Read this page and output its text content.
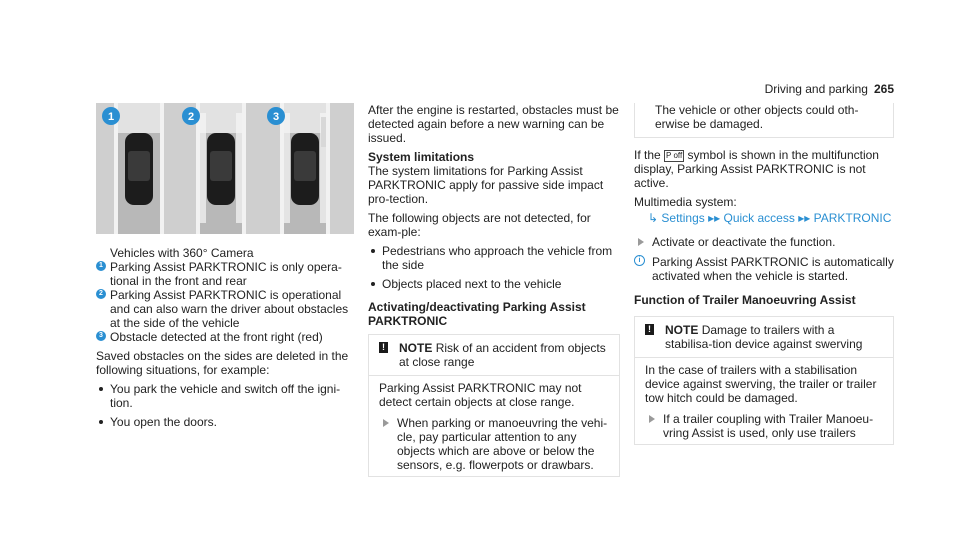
Driving and parking 265
1	2	3

Vehicles with 360° Camera

1 Parking Assist PARKTRONIC is only opera-tional in the front and rear
2 Parking Assist PARKTRONIC is operational and can also warn the driver about obstacles at the side of the vehicle
3 Obstacle detected at the front right (red)

Saved obstacles on the sides are deleted in the following situations, for example:

You park the vehicle and switch off the igni-tion.
You open the doors.

After the engine is restarted, obstacles must be detected again before a new warning can be issued.

System limitations

The system limitations for Parking Assist PARKTRONIC apply for passive side impact pro-tection.

The following objects are not detected, for exam-ple:

Pedestrians who approach the vehicle from the side
Objects placed next to the vehicle

Activating/deactivating Parking Assist PARKTRONIC

! NOTE Risk of an accident from objects at close range

Parking Assist PARKTRONIC may not detect certain objects at close range.

When parking or manoeuvring the vehi-cle, pay particular attention to any objects which are above or below the sensors, e.g. flowerpots or drawbars.

The vehicle or other objects could oth-erwise be damaged.

If the P off symbol is shown in the multifunction display, Parking Assist PARKTRONIC is not active.

Multimedia system:

↳ Settings ▸▸ Quick access ▸▸ PARKTRONIC

Activate or deactivate the function.
i Parking Assist PARKTRONIC is automatically activated when the vehicle is started.

Function of Trailer Manoeuvring Assist

! NOTE Damage to trailers with a stabilisa-tion device against swerving

In the case of trailers with a stabilisation device against swerving, the trailer or trailer tow hitch could be damaged.

If a trailer coupling with Trailer Manoeu-vring Assist is used, only use trailers
